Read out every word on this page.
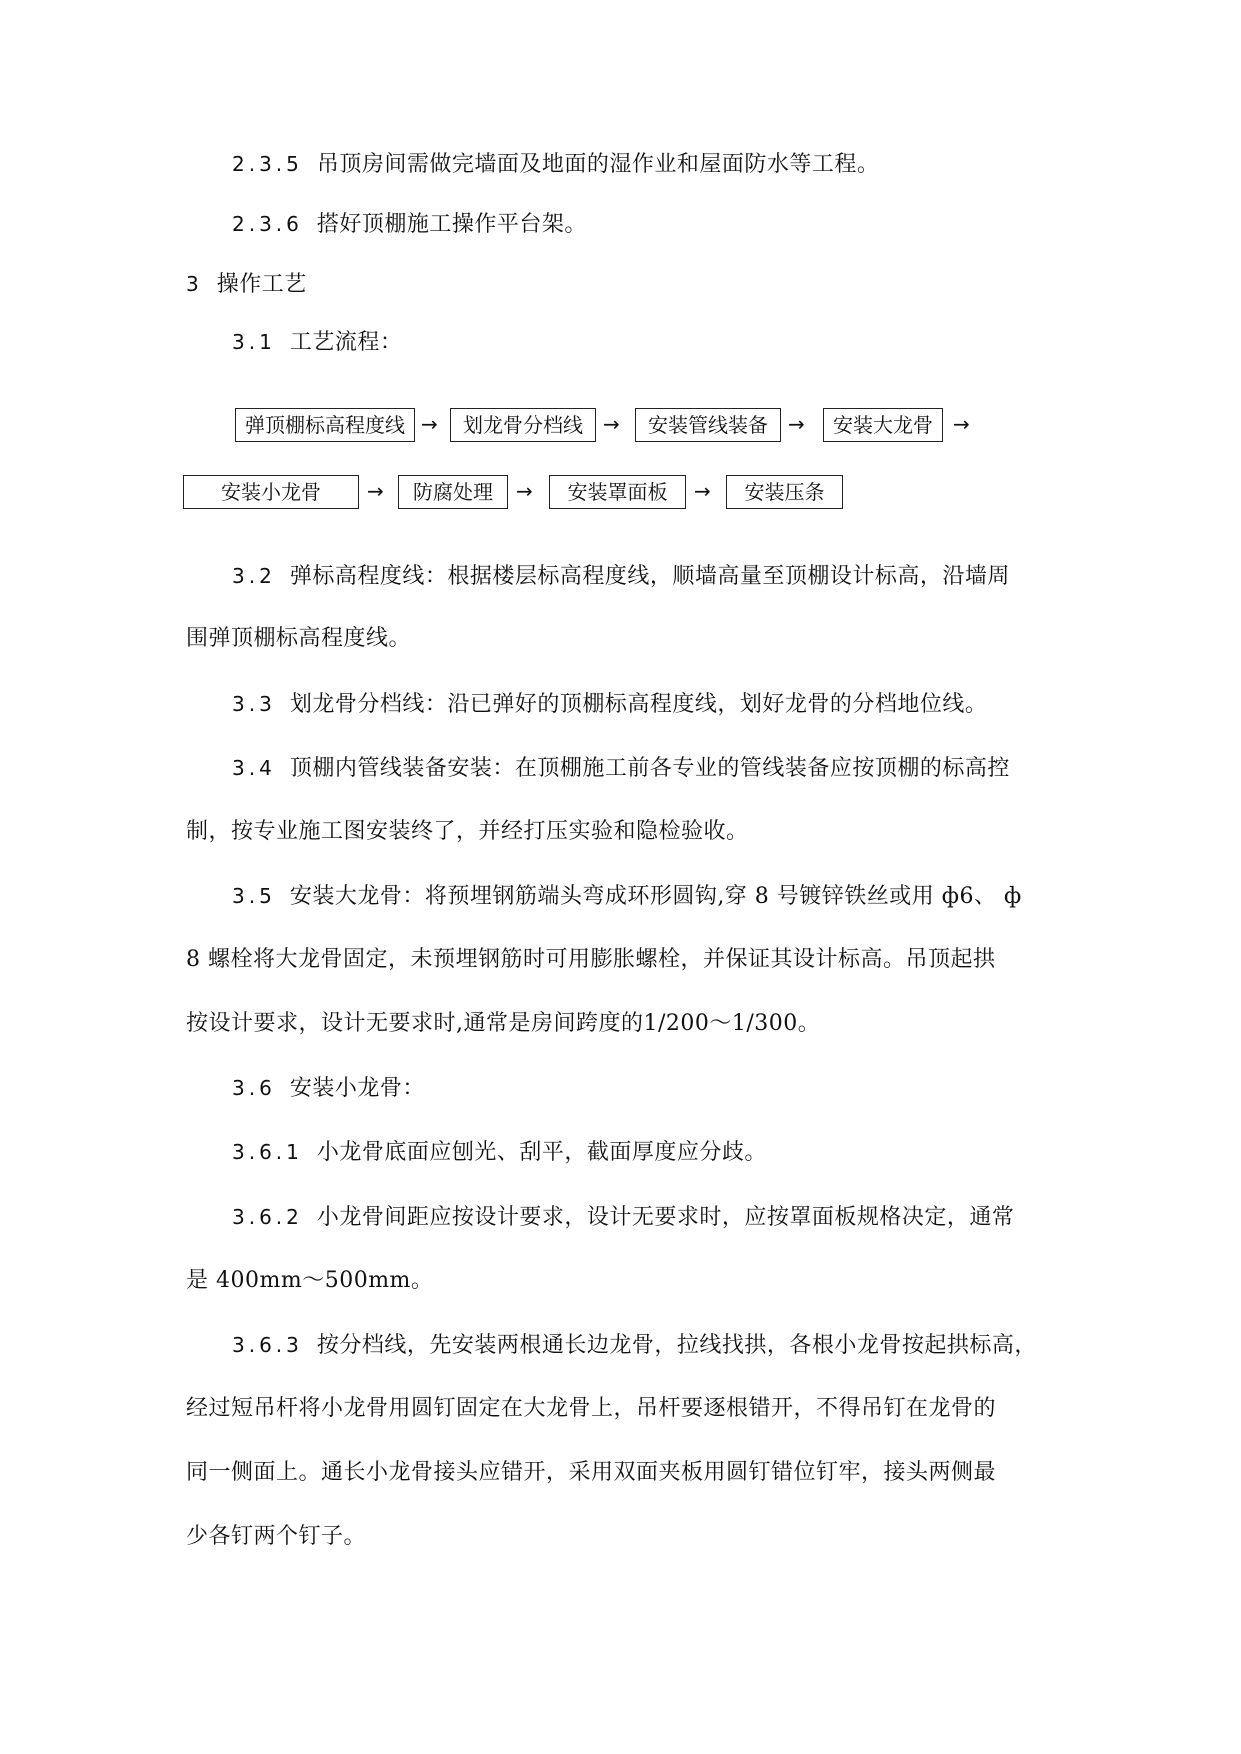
2.3.5 吊顶房间需做完墙面及地面的湿作业和屋面防水等工程。
2.3.6 搭好顶棚施工操作平台架。
3 操作工艺
3.1 工艺流程：
弹顶棚标高程度线 →	划龙骨分档线	→	安装管线装备	→	安装大龙骨	→
安装小龙骨	→	防腐处理	→	安装罩面板	→	安装压条
3.2 弹标高程度线：根据楼层标高程度线，顺墙高量至顶棚设计标高，沿墙周
围弹顶棚标高程度线。
3.3 划龙骨分档线：沿已弹好的顶棚标高程度线，划好龙骨的分档地位线。
3.4 顶棚内管线装备安装：在顶棚施工前各专业的管线装备应按顶棚的标高控
制，按专业施工图安装终了，并经打压实验和隐检验收。
3.5 安装大龙骨：将预埋钢筋端头弯成环形圆钩,穿 8 号镀锌铁丝或用 ф6、 ф
8 螺栓将大龙骨固定，未预埋钢筋时可用膨胀螺栓，并保证其设计标高。吊顶起拱
按设计要求，设计无要求时,通常是房间跨度的1/200～1/300。
3.6 安装小龙骨：
3.6.1 小龙骨底面应刨光、刮平，截面厚度应分歧。
3.6.2 小龙骨间距应按设计要求，设计无要求时，应按罩面板规格决定，通常
是 400mm～500mm。
3.6.3 按分档线，先安装两根通长边龙骨，拉线找拱，各根小龙骨按起拱标高，
经过短吊杆将小龙骨用圆钉固定在大龙骨上，吊杆要逐根错开，不得吊钉在龙骨的
同一侧面上。通长小龙骨接头应错开，采用双面夹板用圆钉错位钉牢，接头两侧最
少各钉两个钉子。
